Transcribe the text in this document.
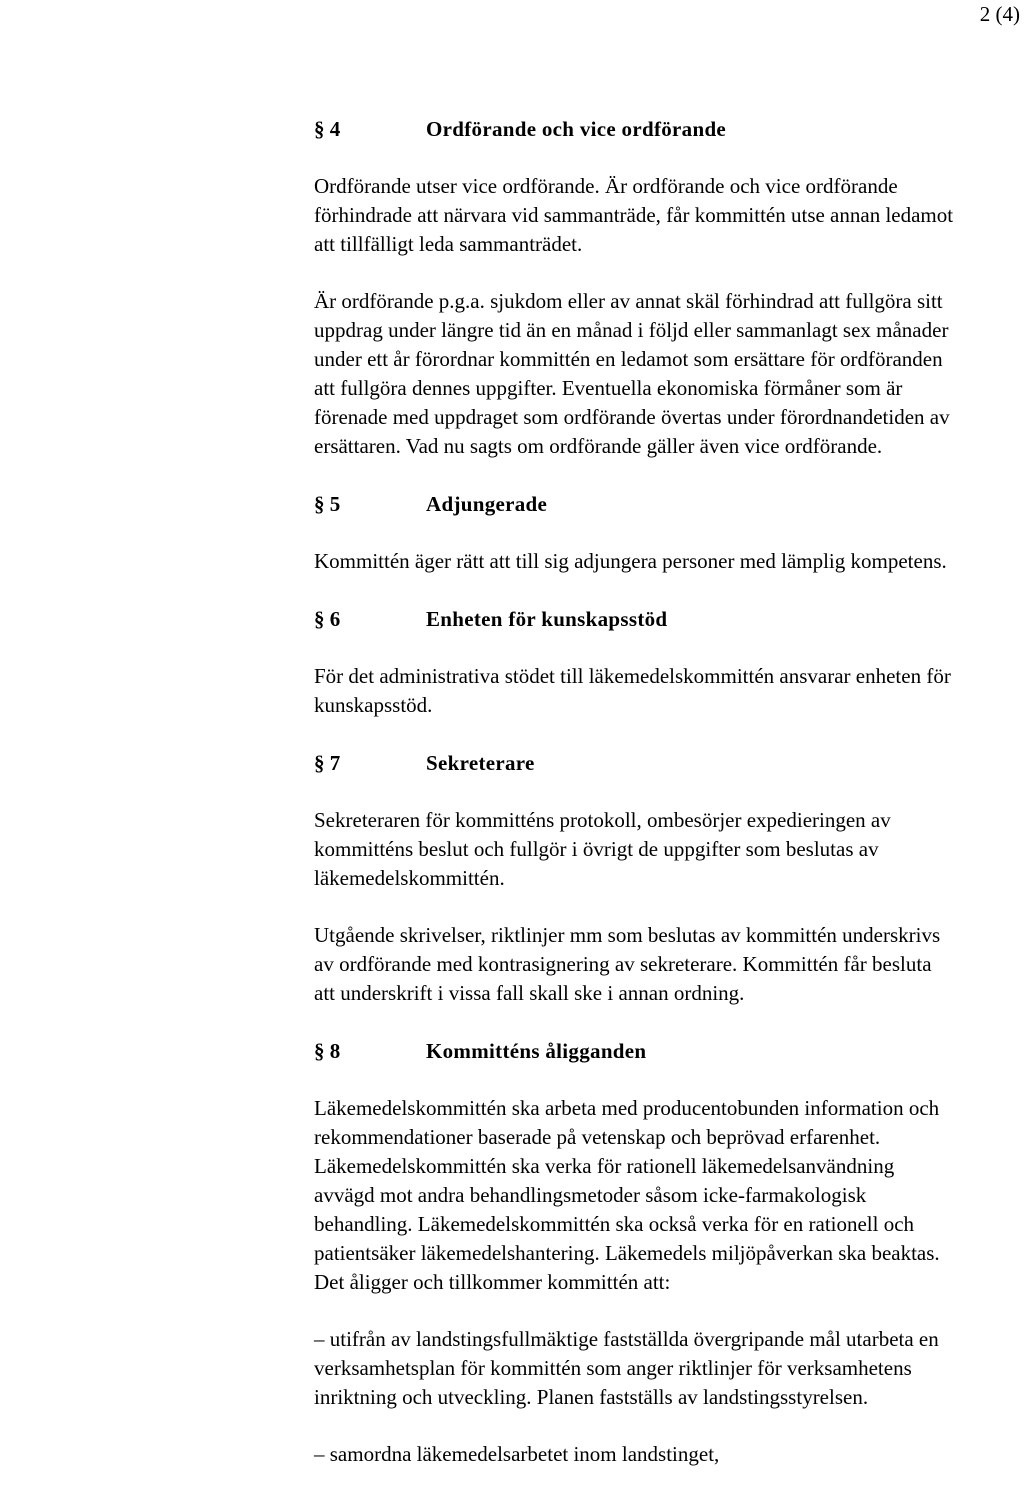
2 (4)
§ 4	Ordförande och vice ordförande

Ordförande utser vice ordförande. Är ordförande och vice ordförande förhindrade att närvara vid sammanträde, får kommittén utse annan ledamot att tillfälligt leda sammanträdet.

Är ordförande p.g.a. sjukdom eller av annat skäl förhindrad att fullgöra sitt uppdrag under längre tid än en månad i följd eller sammanlagt sex månader under ett år förordnar kommittén en ledamot som ersättare för ordföranden att fullgöra dennes uppgifter. Eventuella ekonomiska förmåner som är förenade med uppdraget som ordförande övertas under förordnandetiden av ersättaren. Vad nu sagts om ordförande gäller även vice ordförande.

§ 5	Adjungerade

Kommittén äger rätt att till sig adjungera personer med lämplig kompetens.

§ 6	Enheten för kunskapsstöd

För det administrativa stödet till läkemedelskommittén ansvarar enheten för kunskapsstöd.

§ 7	Sekreterare

Sekreteraren för kommitténs protokoll, ombesörjer expedieringen av kommitténs beslut och fullgör i övrigt de uppgifter som beslutas av läkemedelskommittén.

Utgående skrivelser, riktlinjer mm som beslutas av kommittén underskrivs av ordförande med kontrasignering av sekreterare. Kommittén får besluta att underskrift i vissa fall skall ske i annan ordning.

§ 8	Kommitténs åligganden

Läkemedelskommittén ska arbeta med producentobunden information och rekommendationer baserade på vetenskap och beprövad erfarenhet.

Läkemedelskommittén ska verka för rationell läkemedelsanvändning avvägd mot andra behandlingsmetoder såsom icke-farmakologisk behandling. Läkemedelskommittén ska också verka för en rationell och patientsäker läkemedelshantering. Läkemedels miljöpåverkan ska beaktas. Det åligger och tillkommer kommittén att:

– utifrån av landstingsfullmäktige fastställda övergripande mål utarbeta en verksamhetsplan för kommittén som anger riktlinjer för verksamhetens inriktning och utveckling. Planen fastställs av landstingsstyrelsen.

– samordna läkemedelsarbetet inom landstinget,
